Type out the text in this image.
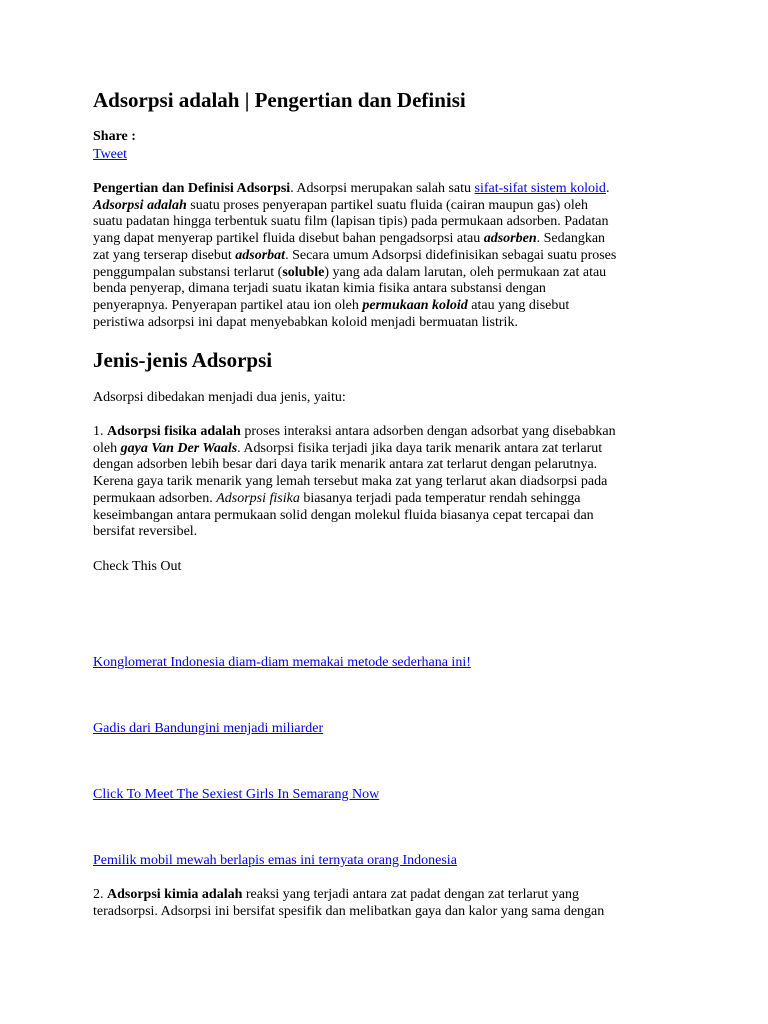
Adsorpsi adalah | Pengertian dan Definisi
Share :
Tweet
Pengertian dan Definisi Adsorpsi. Adsorpsi merupakan salah satu sifat-sifat sistem koloid.
Adsorpsi adalah suatu proses penyerapan partikel suatu fluida (cairan maupun gas) oleh
suatu padatan hingga terbentuk suatu film (lapisan tipis) pada permukaan adsorben. Padatan
yang dapat menyerap partikel fluida disebut bahan pengadsorpsi atau adsorben. Sedangkan
zat yang terserap disebut adsorbat. Secara umum Adsorpsi didefinisikan sebagai suatu proses
penggumpalan substansi terlarut (soluble) yang ada dalam larutan, oleh permukaan zat atau
benda penyerap, dimana terjadi suatu ikatan kimia fisika antara substansi dengan
penyerapnya. Penyerapan partikel atau ion oleh permukaan koloid atau yang disebut
peristiwa adsorpsi ini dapat menyebabkan koloid menjadi bermuatan listrik.
Jenis-jenis Adsorpsi
Adsorpsi dibedakan menjadi dua jenis, yaitu:
1. Adsorpsi fisika adalah proses interaksi antara adsorben dengan adsorbat yang disebabkan
oleh gaya Van Der Waals. Adsorpsi fisika terjadi jika daya tarik menarik antara zat terlarut
dengan adsorben lebih besar dari daya tarik menarik antara zat terlarut dengan pelarutnya.
Kerena gaya tarik menarik yang lemah tersebut maka zat yang terlarut akan diadsorpsi pada
permukaan adsorben. Adsorpsi fisika biasanya terjadi pada temperatur rendah sehingga
keseimbangan antara permukaan solid dengan molekul fluida biasanya cepat tercapai dan
bersifat reversibel.
Check This Out
Konglomerat Indonesia diam-diam memakai metode sederhana ini!
Gadis dari Bandungini menjadi miliarder
Click To Meet The Sexiest Girls In Semarang Now
Pemilik mobil mewah berlapis emas ini ternyata orang Indonesia
2. Adsorpsi kimia adalah reaksi yang terjadi antara zat padat dengan zat terlarut yang
teradsorpsi. Adsorpsi ini bersifat spesifik dan melibatkan gaya dan kalor yang sama dengan
